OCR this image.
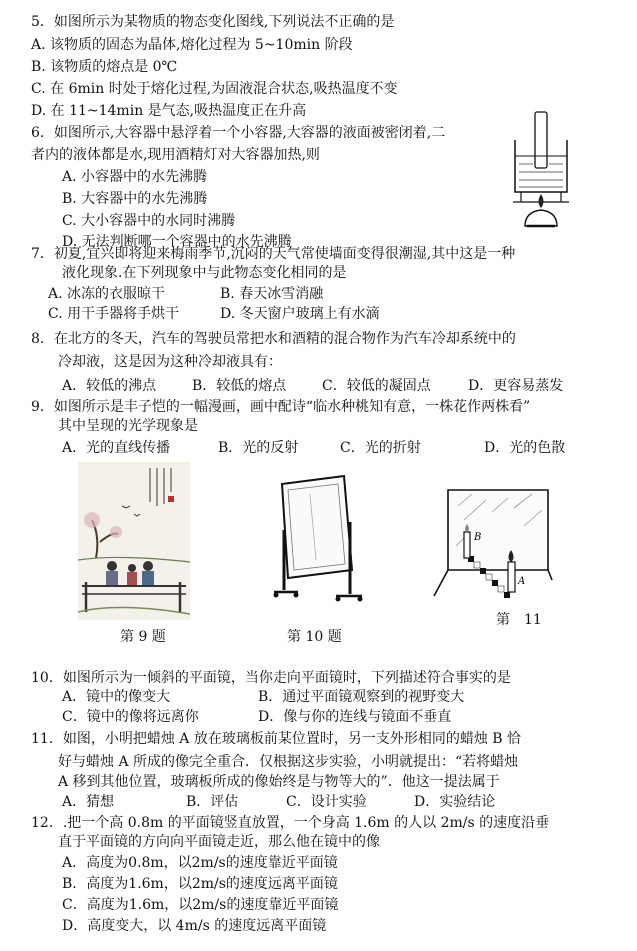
5．如图所示为某物质的物态变化图线,下列说法不正确的是
A. 该物质的固态为晶体,熔化过程为 5~10min 阶段
B. 该物质的熔点是 0℃
C. 在 6min 时处于熔化过程,为固液混合状态,吸热温度不变
D. 在 11~14min 是气态,吸热温度正在升高
6．如图所示,大容器中悬浮着一个小容器,大容器的液面被密闭着,二
者内的液体都是水,现用酒精灯对大容器加热,则
A. 小容器中的水先沸腾
B. 大容器中的水先沸腾
C. 大小容器中的水同时沸腾
D. 无法判断哪一个容器中的水先沸腾
7．初夏,宜兴即将迎来梅雨季节,沉闷的天气常使墙面变得很潮湿,其中这是一种
液化现象.在下列现象中与此物态变化相同的是
A. 冰冻的衣服晾干	B. 春天冰雪消融
C. 用干手器将手烘干	D. 冬天窗户玻璃上有水滴
8．在北方的冬天，汽车的驾驶员常把水和酒精的混合物作为汽车冷却系统中的
冷却液，这是因为这种冷却液具有：
A．较低的沸点	B．较低的熔点	C．较低的凝固点	D．更容易蒸发
9．如图所示是丰子恺的一幅漫画，画中配诗“临水种桃知有意，一株花作两株看”
其中呈现的光学现象是
A．光的直线传播	B．光的反射	C．光的折射	D．光的色散
第 9 题	第 10 题
B
A
第　11
10．如图所示为一倾斜的平面镜，当你走向平面镜时，下列描述符合事实的是
A．镜中的像变大	B．通过平面镜观察到的视野变大
C．镜中的像将远离你	D．像与你的连线与镜面不垂直
11．如图，小明把蜡烛 A 放在玻璃板前某位置时，另一支外形相同的蜡烛 B 恰
好与蜡烛 A 所成的像完全重合．仅根据这步实验，小明就提出：“若将蜡烛
A 移到其他位置，玻璃板所成的像始终是与物等大的”．他这一提法属于
A．猜想	B．评估	C．设计实验	D．实验结论
12．.把一个高 0.8m 的平面镜竖直放置，一个身高 1.6m 的人以 2m/s 的速度沿垂
直于平面镜的方向向平面镜走近，那么他在镜中的像
A．高度为0.8m，以2m/s的速度靠近平面镜
B．高度为1.6m，以2m/s的速度远离平面镜
C．高度为1.6m，以2m/s的速度靠近平面镜
D．高度变大，以 4m/s 的速度远离平面镜
